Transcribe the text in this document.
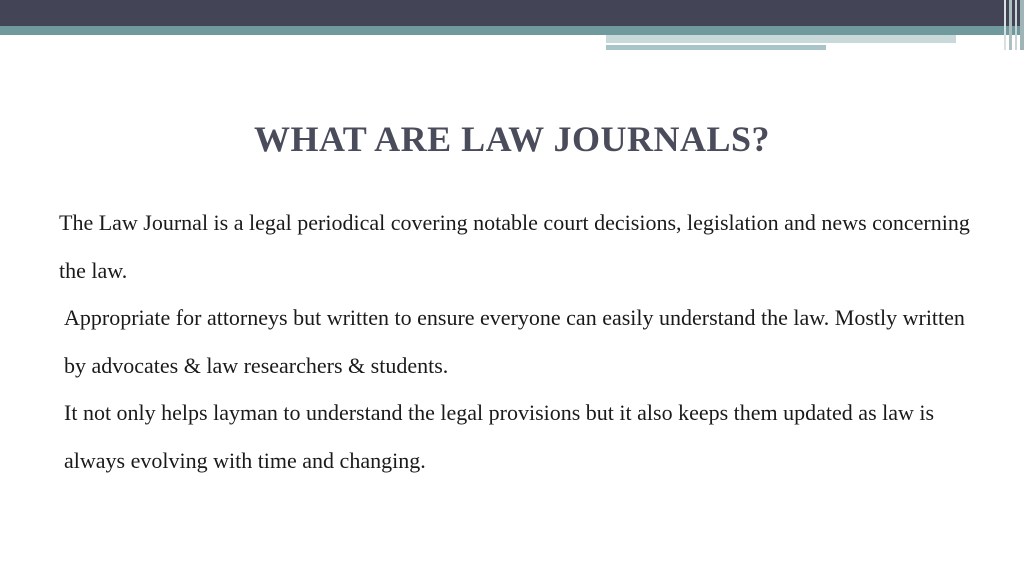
WHAT ARE LAW JOURNALS?

The Law Journal is a legal periodical covering notable court decisions, legislation and news concerning the law.

Appropriate for attorneys but written to ensure everyone can easily understand the law. Mostly written by advocates & law researchers & students.

It not only helps layman to understand the legal provisions but it also keeps them updated as law is always evolving with time and changing.
